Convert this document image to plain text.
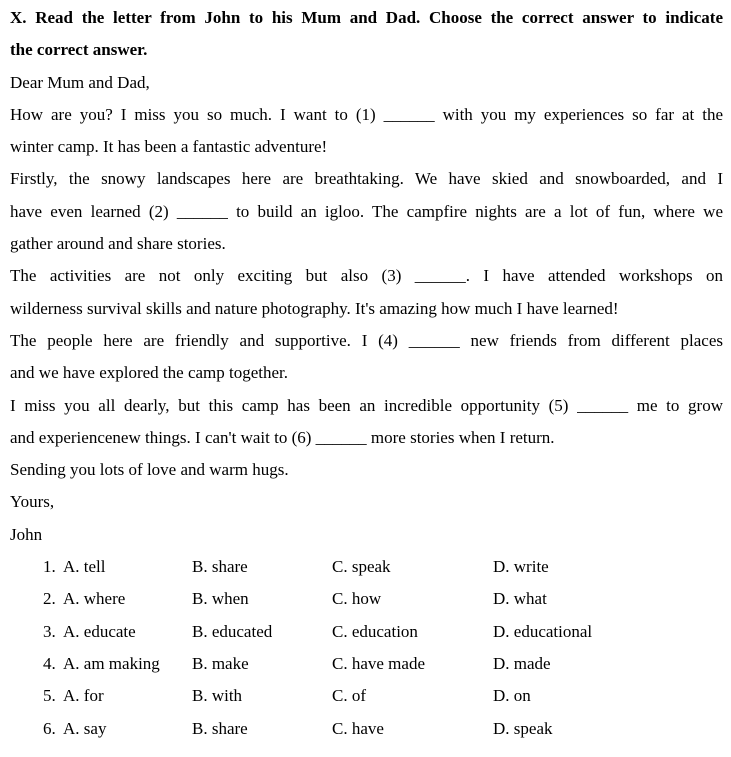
X. Read the letter from John to his Mum and Dad. Choose the correct answer to indicate
the correct answer.
Dear Mum and Dad,
How are you? I miss you so much. I want to (1) ______ with you my experiences so far at the
winter camp. It has been a fantastic adventure!
Firstly, the snowy landscapes here are breathtaking. We have skied and snowboarded, and I
have even learned (2) ______ to build an igloo. The campfire nights are a lot of fun, where we
gather around and share stories.
The activities are not only exciting but also (3) ______. I have attended workshops on
wilderness survival skills and nature photography. It's amazing how much I have learned!
The people here are friendly and supportive. I (4) ______ new friends from different places
and we have explored the camp together.
I miss you all dearly, but this camp has been an incredible opportunity (5) ______ me to grow
and experiencenew things. I can't wait to (6) ______ more stories when I return.
Sending you lots of love and warm hugs.
Yours,
John
1. A. tell	B. share	C. speak	D. write
2. A. where	B. when	C. how	D. what
3. A. educate	B. educated	C. education	D. educational
4. A. am making	B. make	C. have made	D. made
5. A. for	B. with	C. of	D. on
6. A. say	B. share	C. have	D. speak
